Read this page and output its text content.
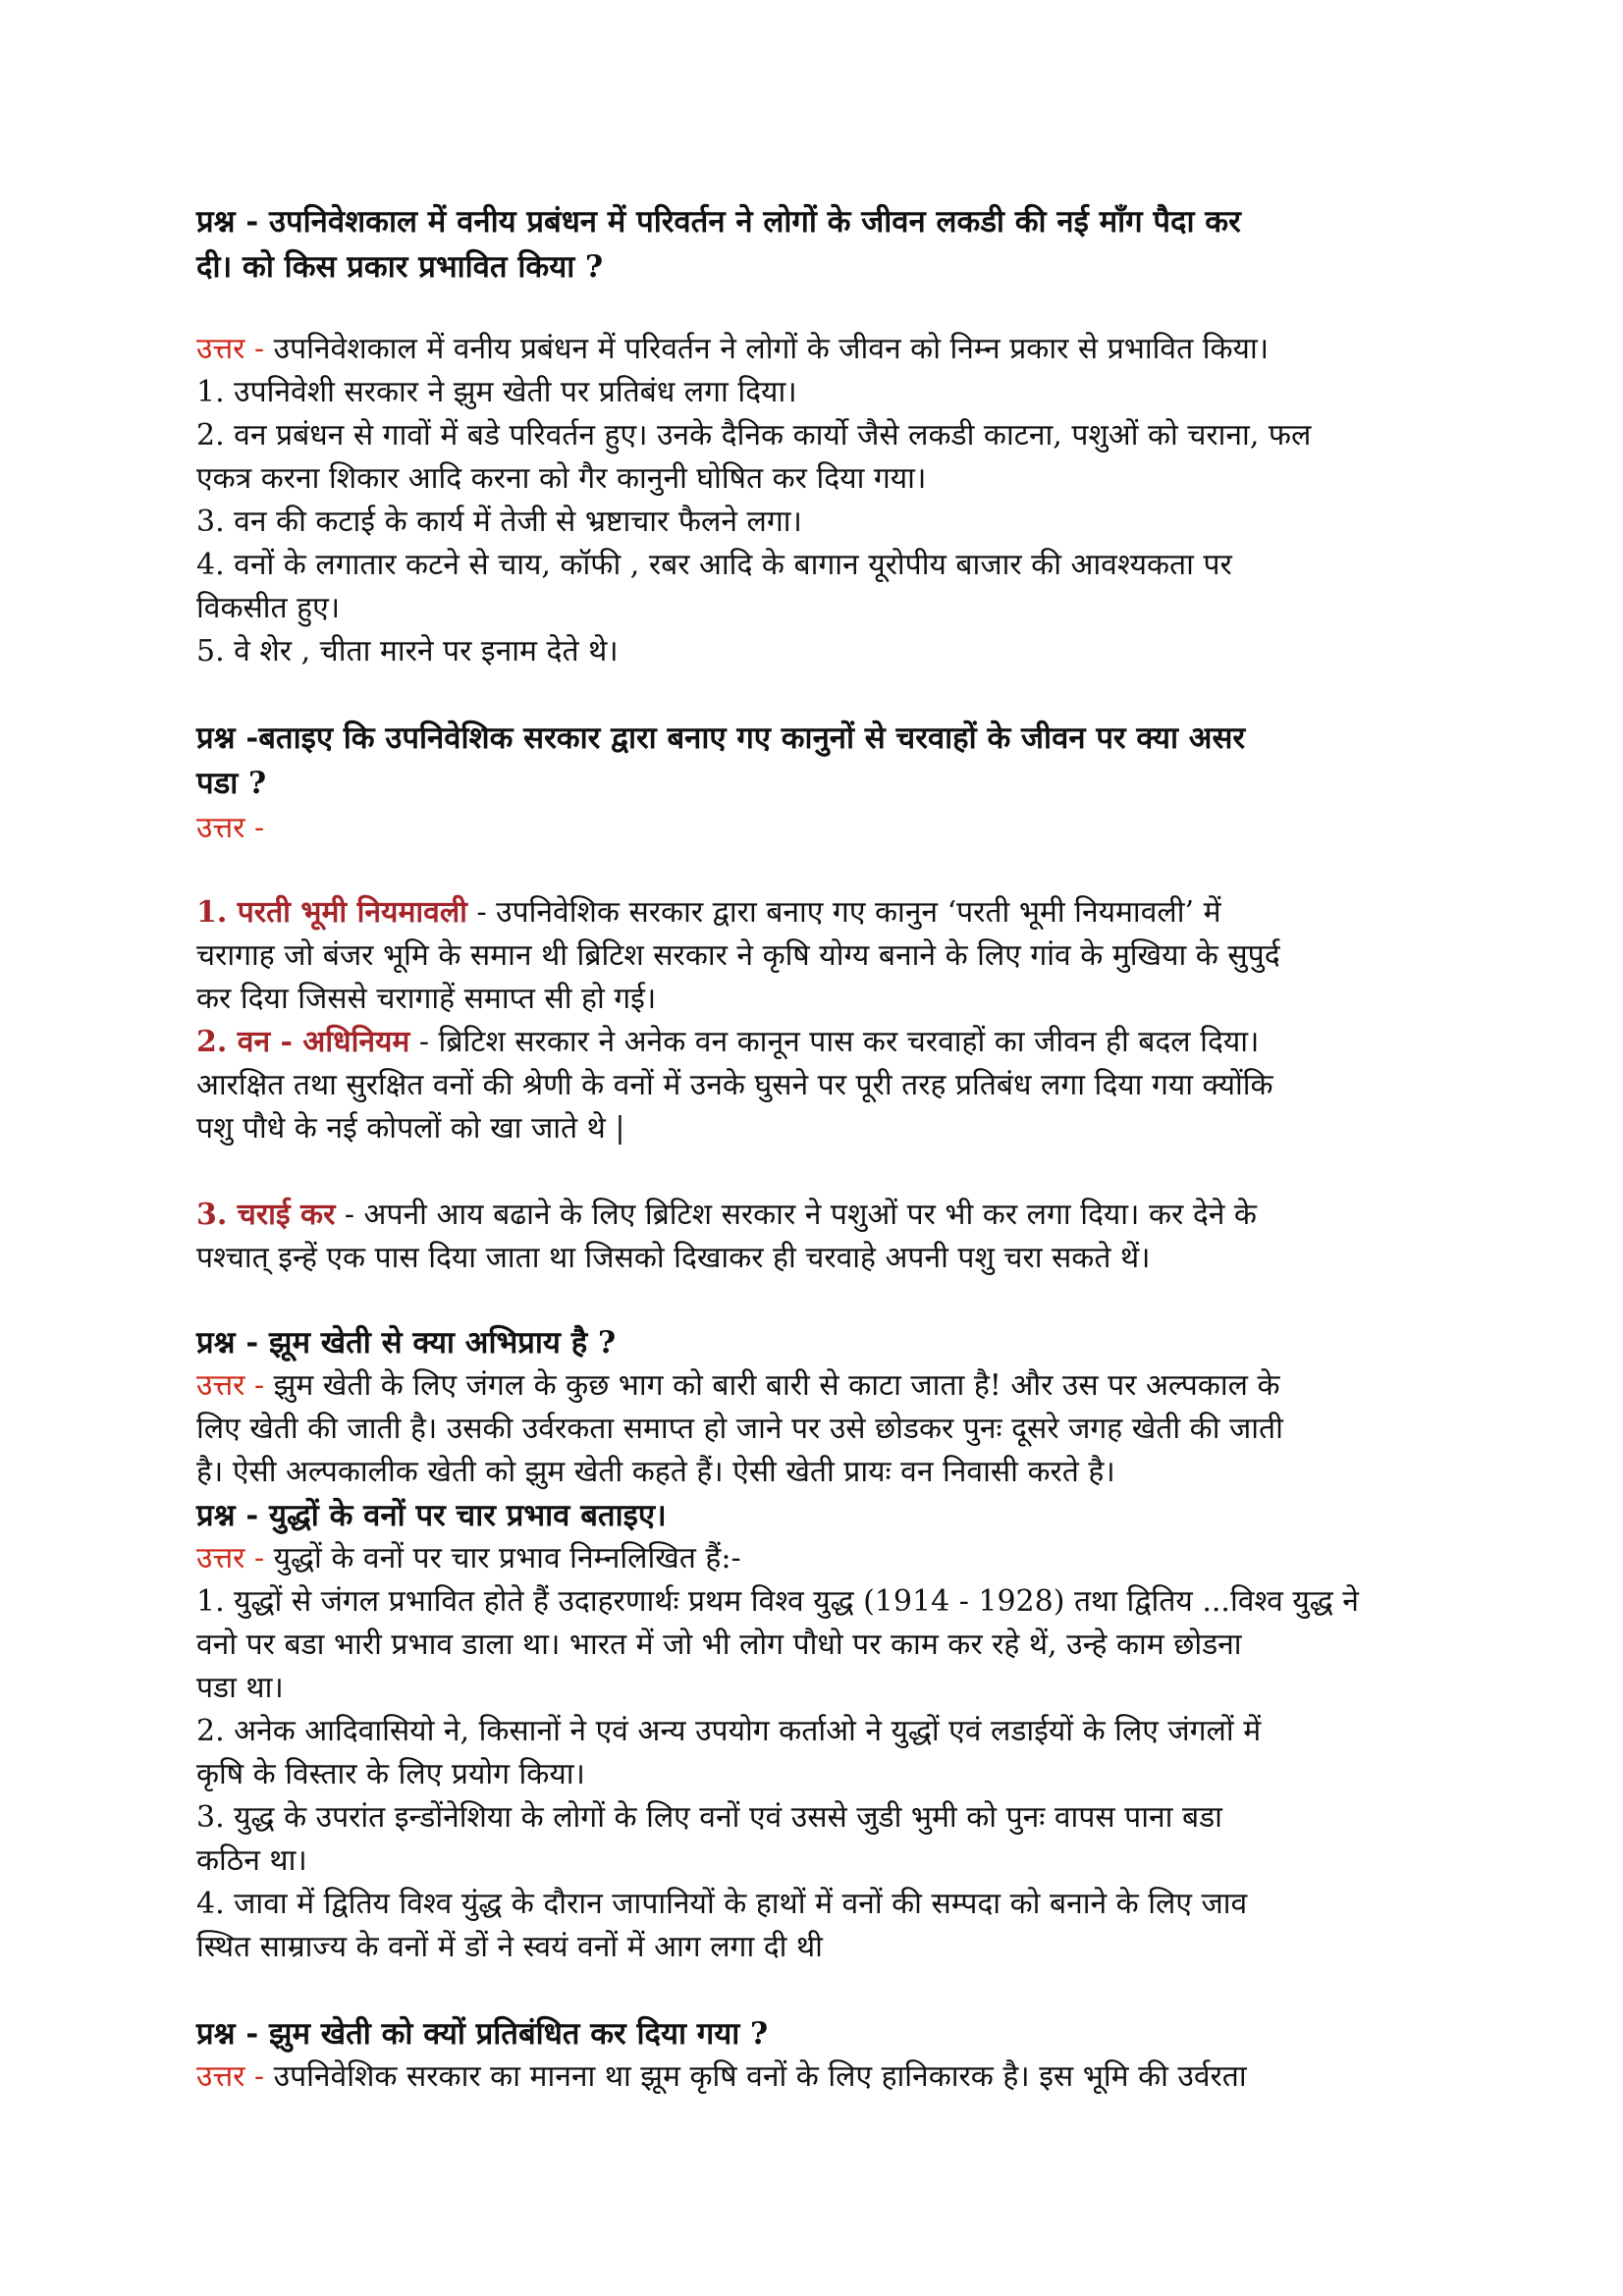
प्रश्न - उपनिवेशकाल में वनीय प्रबंधन में परिवर्तन ने लोगों के जीवन लकडी की नई माँग पैदा कर
दी। को किस प्रकार प्रभावित किया ?
उत्तर - उपनिवेशकाल में वनीय प्रबंधन में परिवर्तन ने लोगों के जीवन को निम्न प्रकार से प्रभावित किया।
1. उपनिवेशी सरकार ने झुम खेती पर प्रतिबंध लगा दिया।
2. वन प्रबंधन से गावों में बडे परिवर्तन हुए। उनके दैनिक कार्यो जैसे लकडी काटना, पशुओं को चराना, फल
एकत्र करना शिकार आदि करना को गैर कानुनी घोषित कर दिया गया।
3. वन की कटाई के कार्य में तेजी से भ्रष्टाचार फैलने लगा।
4. वनों के लगातार कटने से चाय, कॉफी , रबर आदि के बागान यूरोपीय बाजार की आवश्यकता पर
विकसीत हुए।
5. वे शेर , चीता मारने पर इनाम देते थे।
प्रश्न -बताइए कि उपनिवेशिक सरकार द्वारा बनाए गए कानुनों से चरवाहों के जीवन पर क्या असर
पडा ?
उत्तर -
1. परती भूमी नियमावली - उपनिवेशिक सरकार द्वारा बनाए गए कानुन ‘परती भूमी नियमावली’ में
चरागाह जो बंजर भूमि के समान थी ब्रिटिश सरकार ने कृषि योग्य बनाने के लिए गांव के मुखिया के सुपुर्द
कर दिया जिससे चरागाहें समाप्त सी हो गई।
2. वन - अधिनियम - ब्रिटिश सरकार ने अनेक वन कानून पास कर चरवाहों का जीवन ही बदल दिया।
आरक्षित तथा सुरक्षित वनों की श्रेणी के वनों में उनके घुसने पर पूरी तरह प्रतिबंध लगा दिया गया क्योंकि
पशु पौधे के नई कोपलों को खा जाते थे |
3. चराई कर - अपनी आय बढाने के लिए ब्रिटिश सरकार ने पशुओं पर भी कर लगा दिया। कर देने के
पश्चात् इन्हें एक पास दिया जाता था जिसको दिखाकर ही चरवाहे अपनी पशु चरा सकते थें।
प्रश्न - झूम खेती से क्या अभिप्राय है ?
उत्तर - झुम खेती के लिए जंगल के कुछ भाग को बारी बारी से काटा जाता है! और उस पर अल्पकाल के
लिए खेती की जाती है। उसकी उर्वरकता समाप्त हो जाने पर उसे छोडकर पुनः दूसरे जगह खेती की जाती
है। ऐसी अल्पकालीक खेती को झुम खेती कहते हैं। ऐसी खेती प्रायः वन निवासी करते है।
प्रश्न - युद्धों के वनों पर चार प्रभाव बताइए।
उत्तर - युद्धों के वनों पर चार प्रभाव निम्नलिखित हैं:-
1. युद्धों से जंगल प्रभावित होते हैं उदाहरणार्थः प्रथम विश्व युद्ध (1914 - 1928) तथा द्वितिय ...विश्व युद्ध ने
वनो पर बडा भारी प्रभाव डाला था। भारत में जो भी लोग पौधो पर काम कर रहे थें, उन्हे काम छोडना
पडा था।
2. अनेक आदिवासियो ने, किसानों ने एवं अन्य उपयोग कर्ताओ ने युद्धों एवं लडाईयों के लिए जंगलों में
कृषि के विस्तार के लिए प्रयोग किया।
3. युद्ध के उपरांत इन्डोंनेशिया के लोगों के लिए वनों एवं उससे जुडी भुमी को पुनः वापस पाना बडा
कठिन था।
4. जावा में द्वितिय विश्व युंद्ध के दौरान जापानियों के हाथों में वनों की सम्पदा को बनाने के लिए जाव
स्थित साम्राज्य के वनों में डों ने स्वयं वनों में आग लगा दी थी
प्रश्न - झुम खेती को क्यों प्रतिबंधित कर दिया गया ?
उत्तर - उपनिवेशिक सरकार का मानना था झूम कृषि वनों के लिए हानिकारक है। इस भूमि की उर्वरता
